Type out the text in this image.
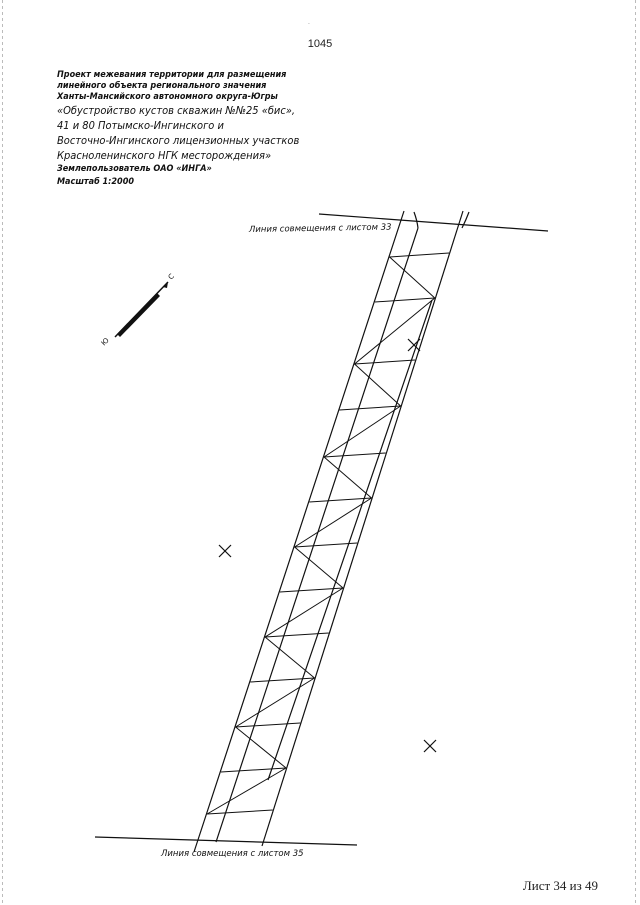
1045
Проект межевания территории для размещения
линейного объекта регионального значения
Ханты-Мансийского автономного округа-Югры
«Обустройство кустов скважин №№25 «бис»,
41 и 80 Потымско-Ингинского и
Восточно-Ингинского лицензионных участков
Красноленинского НГК месторождения»
Землепользователь ОАО «ИНГА»
Масштаб 1:2000
Линия совмещения с листом 33
Линия совмещения с листом 35
С
Ю
.
Лист 34 из 49
